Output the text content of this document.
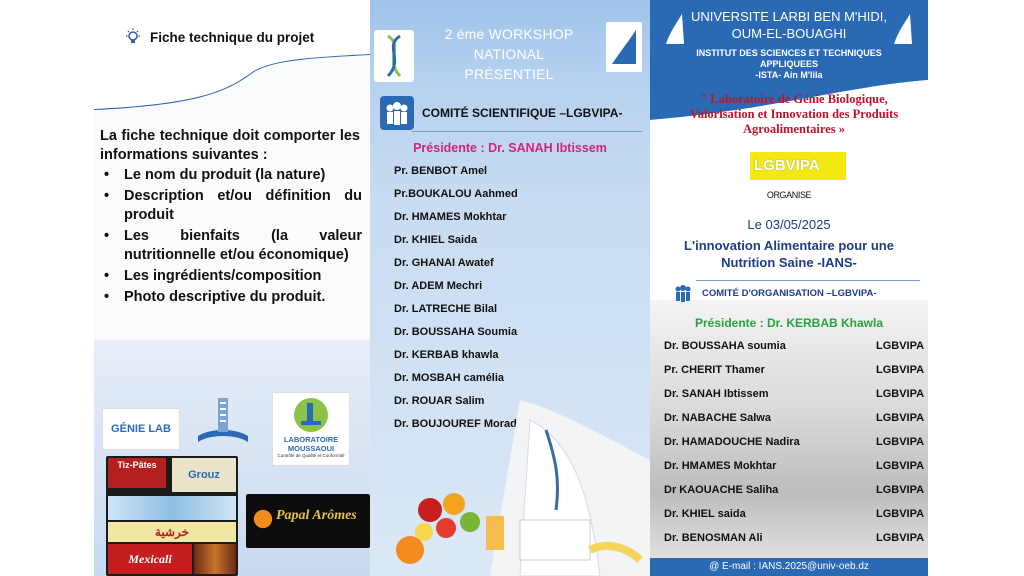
Fiche technique du projet
La fiche technique doit comporter les informations suivantes :
• Le nom du produit (la nature)
• Description et/ou définition du produit
• Les bienfaits (la valeur nutritionnelle et/ou économique)
• Les ingrédients/composition
• Photo descriptive du produit.
GÉNIE LAB
LABORATOIRE MOUSSAOUI
Contrôle de Qualité et Conformité
Tiz-Pâtes
Grouz
خرشية
Mexicali
Papal Arômes
2 éme WORKSHOP NATIONAL
PRÉSENTIEL
COMITÉ SCIENTIFIQUE –LGBVIPA-
Présidente : Dr. SANAH Ibtissem
Pr. BENBOT Amel
Pr.BOUKALOU Aahmed
Dr. HMAMES Mokhtar
Dr. KHIEL Saida
Dr. GHANAI Awatef
Dr. ADEM Mechri
Dr. LATRECHE Bilal
Dr. BOUSSAHA Soumia
Dr. KERBAB khawla
Dr. MOSBAH camélia
Dr. ROUAR Salim
Dr. BOUJOUREF Morad
UNIVERSITE LARBI BEN M'HIDI,
OUM-EL-BOUAGHI
INSTITUT DES SCIENCES ET TECHNIQUES APPLIQUEES
-ISTA- Ain M'lila
" Laboratoire de Génie Biologique, Valorisation et Innovation des Produits Agroalimentaires »
LGBVIPA
ORGANISE
Le 03/05/2025
L'innovation Alimentaire pour une Nutrition Saine -IANS-
COMITÉ D'ORGANISATION –LGBVIPA-
Présidente : Dr. KERBAB Khawla
Dr. BOUSSAHA soumia	LGBVIPA
Pr. CHERIT Thamer	LGBVIPA
Dr. SANAH Ibtissem	LGBVIPA
Dr. NABACHE Salwa	LGBVIPA
Dr. HAMADOUCHE Nadira	LGBVIPA
Dr. HMAMES Mokhtar	LGBVIPA
Dr KAOUACHE Saliha	LGBVIPA
Dr. KHIEL saida	LGBVIPA
Dr. BENOSMAN Ali	LGBVIPA
@ E-mail : IANS.2025@univ-oeb.dz
